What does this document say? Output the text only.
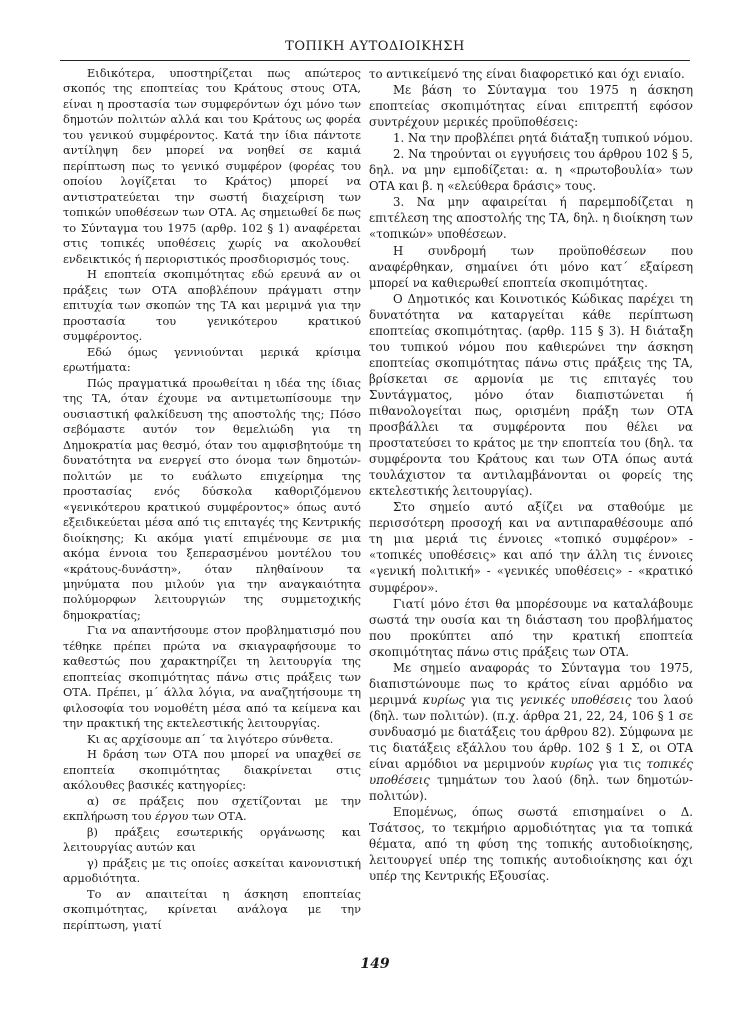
ΤΟΠΙΚΗ ΑΥΤΟΔΙΟΙΚΗΣΗ

Ειδικότερα, υποστηρίζεται πως απώτερος σκοπός της εποπτείας του Κράτους στους ΟΤΑ, είναι η προστασία των συμφερόντων όχι μόνο των δημοτών πολιτών αλλά και του Κράτους ως φορέα του γενικού συμφέροντος. Κατά την ίδια πάντοτε αντίληψη δεν μπορεί να νοηθεί σε καμιά περίπτωση πως το γενικό συμφέρον (φορέας του οποίου λογίζεται το Κράτος) μπορεί να αντιστρατεύεται την σωστή διαχείριση των τοπικών υποθέσεων των ΟΤΑ. Ας σημειωθεί δε πως το Σύνταγμα του 1975 (αρθρ. 102 § 1) αναφέρεται στις τοπικές υποθέσεις χωρίς να ακολουθεί ενδεικτικός ή περιοριστικός προσδιορισμός τους.

Η εποπτεία σκοπιμότητας εδώ ερευνά αν οι πράξεις των ΟΤΑ αποβλέπουν πράγματι στην επιτυχία των σκοπών της ΤΑ και μεριμνά για την προστασία του γενικότερου κρατικού συμφέροντος.

Εδώ όμως γεννιούνται μερικά κρίσιμα ερωτήματα:

Πώς πραγματικά προωθείται η ιδέα της ίδιας της ΤΑ, όταν έχουμε να αντιμετωπίσουμε την ουσιαστική φαλκίδευση της αποστολής της; Πόσο σεβόμαστε αυτόν τον θεμελιώδη για τη Δημοκρατία μας θεσμό, όταν του αμφισβητούμε τη δυνατότητα να ενεργεί στο όνομα των δημοτών-πολιτών με το ευάλωτο επιχείρημα της προστασίας ενός δύσκολα καθοριζόμενου «γενικότερου κρατικού συμφέροντος» όπως αυτό εξειδικεύεται μέσα από τις επιταγές της Κεντρικής διοίκησης; Κι ακόμα γιατί επιμένουμε σε μια ακόμα έννοια του ξεπερασμένου μοντέλου του «κράτους-δυνάστη», όταν πληθαίνουν τα μηνύματα που μιλούν για την αναγκαιότητα πολύμορφων λειτουργιών της συμμετοχικής δημοκρατίας;

Για να απαντήσουμε στον προβληματισμό που τέθηκε πρέπει πρώτα να σκιαγραφήσουμε το καθεστώς που χαρακτηρίζει τη λειτουργία της εποπτείας σκοπιμότητας πάνω στις πράξεις των ΟΤΑ. Πρέπει, μ΄ άλλα λόγια, να αναζητήσουμε τη φιλοσοφία του νομοθέτη μέσα από τα κείμενα και την πρακτική της εκτελεστικής λειτουργίας.

Κι ας αρχίσουμε απ΄ τα λιγότερο σύνθετα.

Η δράση των ΟΤΑ που μπορεί να υπαχθεί σε εποπτεία σκοπιμότητας διακρίνεται στις ακόλουθες βασικές κατηγορίες:

α) σε πράξεις που σχετίζονται με την εκπλήρωση του έργου των ΟΤΑ.

β) πράξεις εσωτερικής οργάνωσης και λειτουργίας αυτών και

γ) πράξεις με τις οποίες ασκείται κανονιστική αρμοδιότητα.

Το αν απαιτείται η άσκηση εποπτείας σκοπιμότητας, κρίνεται ανάλογα με την περίπτωση, γιατί

το αντικείμενό της είναι διαφορετικό και όχι ενιαίο.

Με βάση το Σύνταγμα του 1975 η άσκηση εποπτείας σκοπιμότητας είναι επιτρεπτή εφόσον συντρέχουν μερικές προϋποθέσεις:

1. Να την προβλέπει ρητά διάταξη τυπικού νόμου.

2. Να τηρούνται οι εγγυήσεις του άρθρου 102 § 5, δηλ. να μην εμποδίζεται: α. η «πρωτοβουλία» των ΟΤΑ και β. η «ελεύθερα δράσις» τους.

3. Να μην αφαιρείται ή παρεμποδίζεται η επιτέλεση της αποστολής της ΤΑ, δηλ. η διοίκηση των «τοπικών» υποθέσεων.

Η συνδρομή των προϋποθέσεων που αναφέρθηκαν, σημαίνει ότι μόνο κατ΄ εξαίρεση μπορεί να καθιερωθεί εποπτεία σκοπιμότητας.

Ο Δημοτικός και Κοινοτικός Κώδικας παρέχει τη δυνατότητα να καταργείται κάθε περίπτωση εποπτείας σκοπιμότητας. (αρθρ. 115 § 3). Η διάταξη του τυπικού νόμου που καθιερώνει την άσκηση εποπτείας σκοπιμότητας πάνω στις πράξεις της ΤΑ, βρίσκεται σε αρμονία με τις επιταγές του Συντάγματος, μόνο όταν διαπιστώνεται ή πιθανολογείται πως, ορισμένη πράξη των ΟΤΑ προσβάλλει τα συμφέροντα που θέλει να προστατεύσει το κράτος με την εποπτεία του (δηλ. τα συμφέροντα του Κράτους και των ΟΤΑ όπως αυτά τουλάχιστον τα αντιλαμβάνονται οι φορείς της εκτελεστικής λειτουργίας).

Στο σημείο αυτό αξίζει να σταθούμε με περισσότερη προσοχή και να αντιπαραθέσουμε από τη μια μεριά τις έννοιες «τοπικό συμφέρον» - «τοπικές υποθέσεις» και από την άλλη τις έννοιες «γενική πολιτική» - «γενικές υποθέσεις» - «κρατικό συμφέρον».

Γιατί μόνο έτσι θα μπορέσουμε να καταλάβουμε σωστά την ουσία και τη διάσταση του προβλήματος που προκύπτει από την κρατική εποπτεία σκοπιμότητας πάνω στις πράξεις των ΟΤΑ.

Με σημείο αναφοράς το Σύνταγμα του 1975, διαπιστώνουμε πως το κράτος είναι αρμόδιο να μεριμνά κυρίως για τις γενικές υποθέσεις του λαού (δηλ. των πολιτών). (π.χ. άρθρα 21, 22, 24, 106 § 1 σε συνδυασμό με διατάξεις του άρθρου 82). Σύμφωνα με τις διατάξεις εξάλλου του άρθρ. 102 § 1 Σ, οι ΟΤΑ είναι αρμόδιοι να μεριμνούν κυρίως για τις τοπικές υποθέσεις τμημάτων του λαού (δηλ. των δημοτών-πολιτών).

Επομένως, όπως σωστά επισημαίνει ο Δ. Τσάτσος, το τεκμήριο αρμοδιότητας για τα τοπικά θέματα, από τη φύση της τοπικής αυτοδιοίκησης, λειτουργεί υπέρ της τοπικής αυτοδιοίκησης και όχι υπέρ της Κεντρικής Εξουσίας.

149
